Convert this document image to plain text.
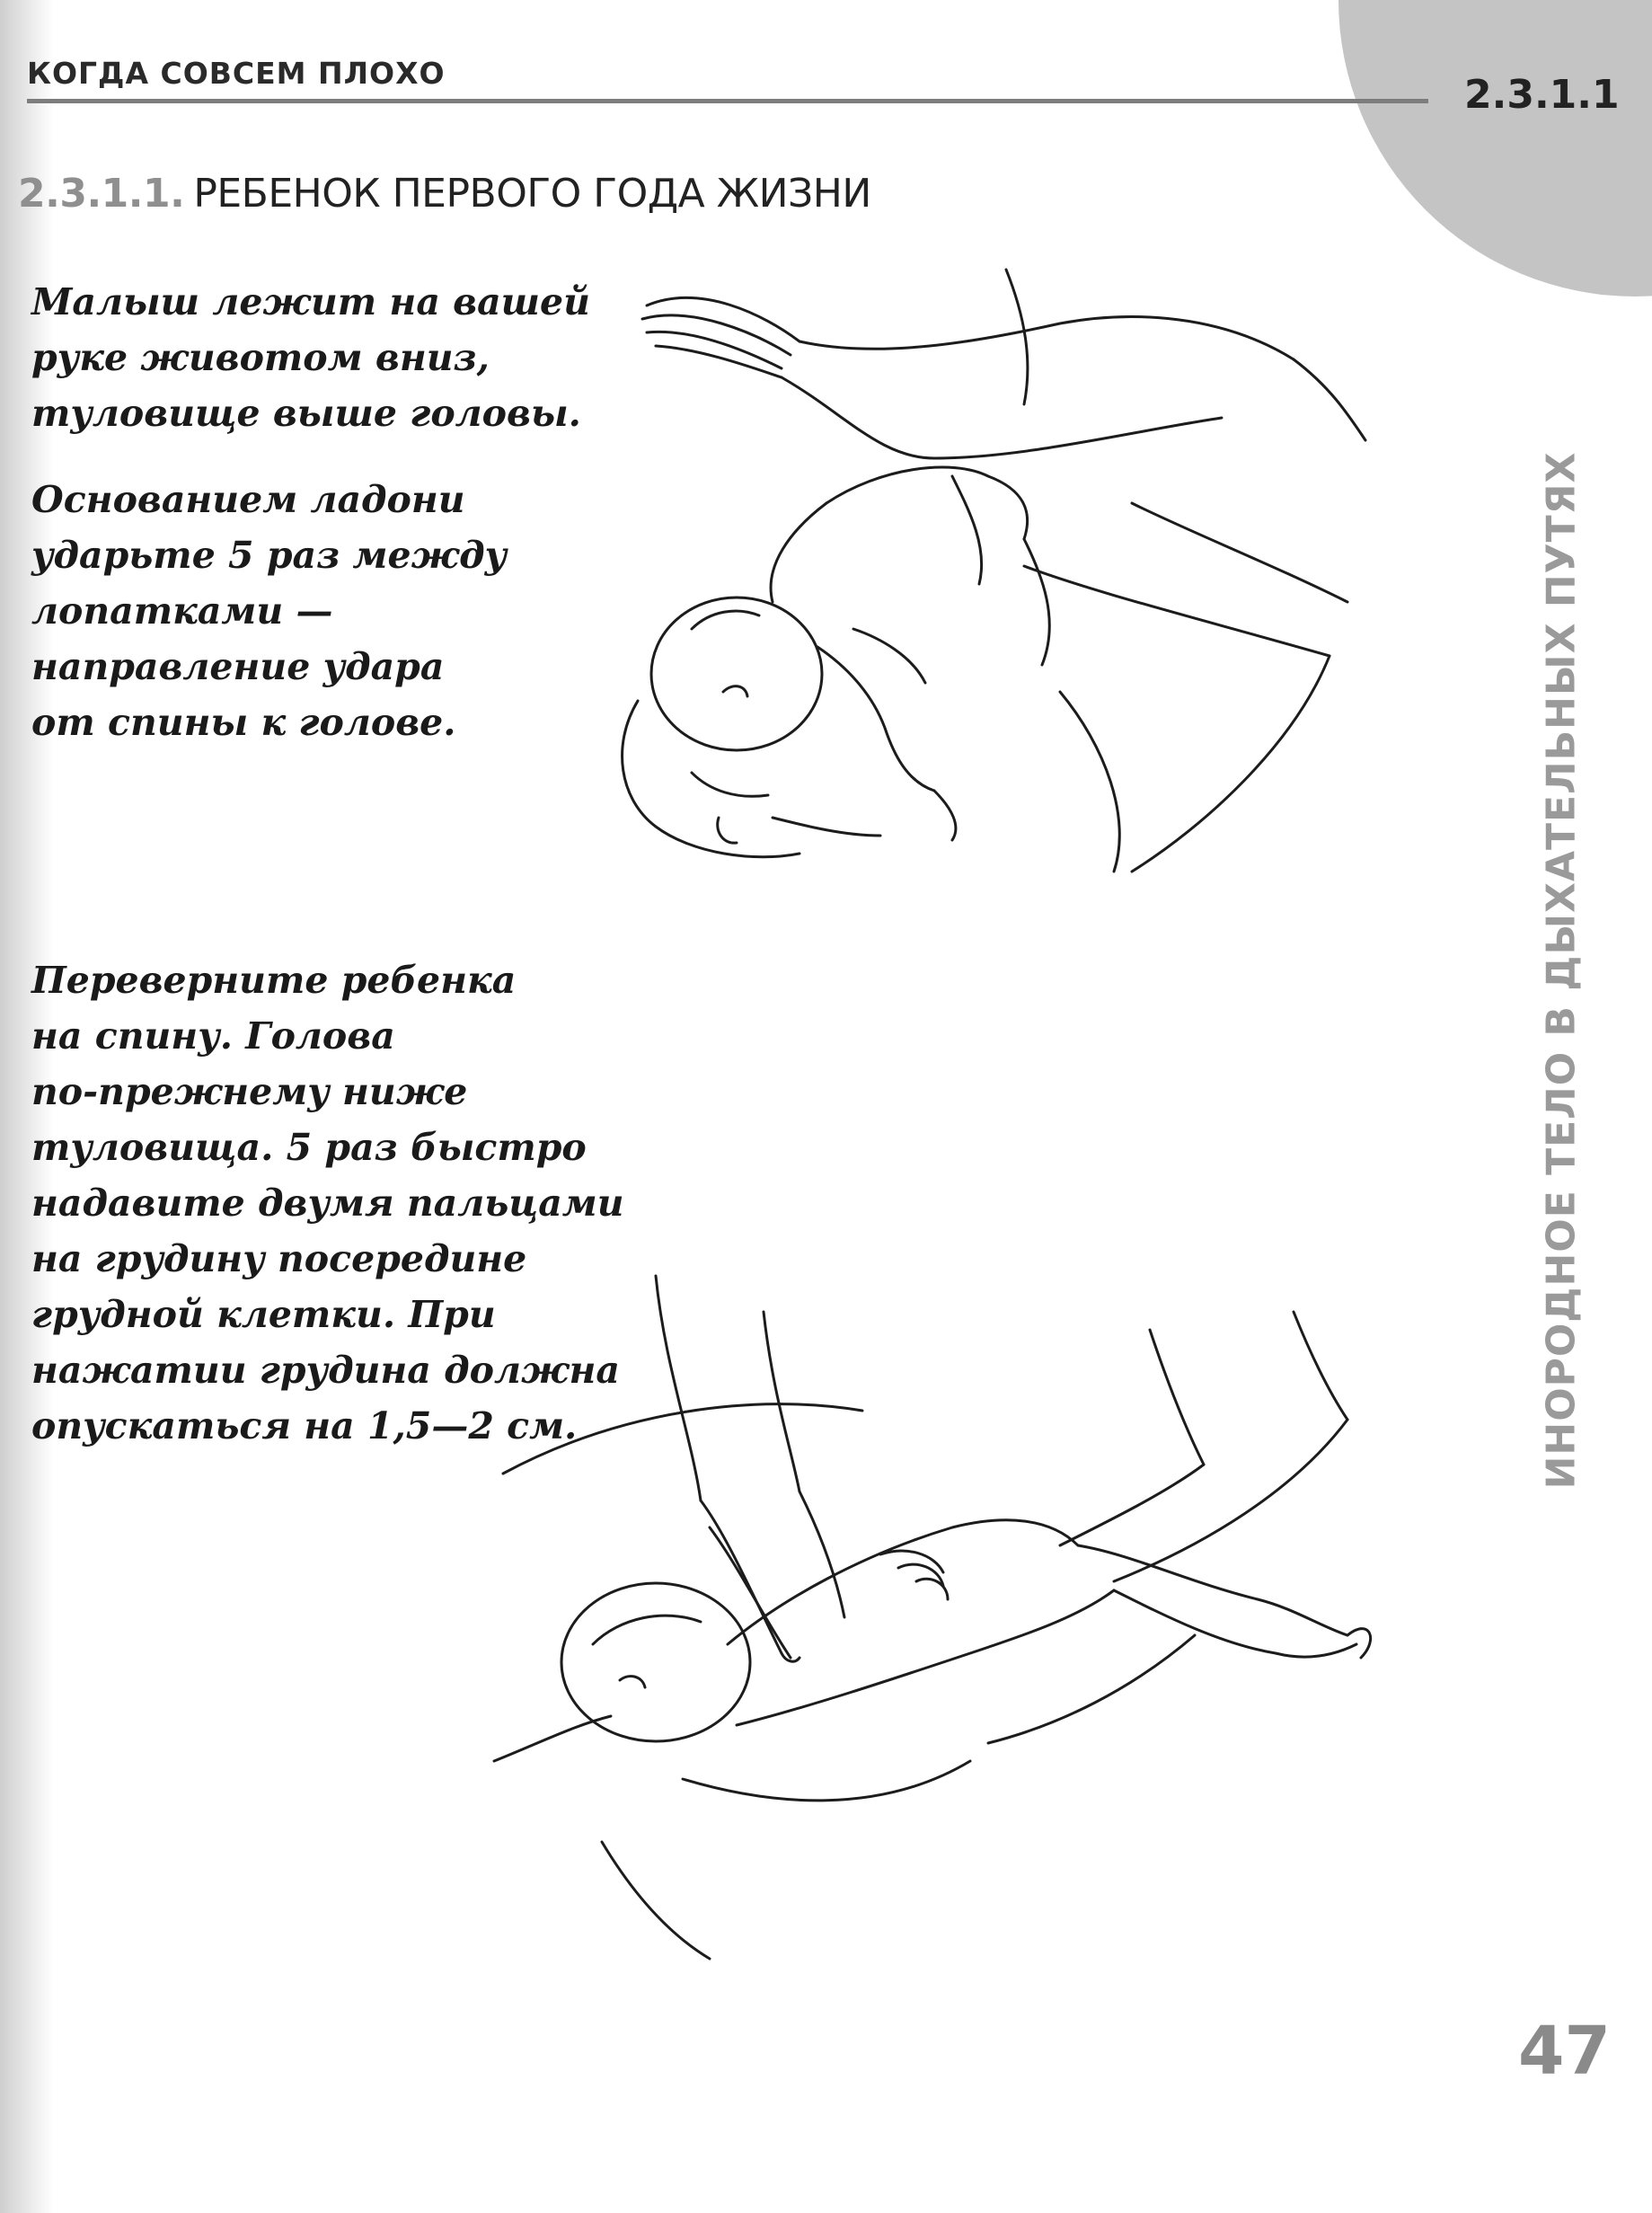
КОГДА СОВСЕМ ПЛОХО	2.3.1.1
2.3.1.1. РЕБЕНОК ПЕРВОГО ГОДА ЖИЗНИ
ИНОРОДНОЕ ТЕЛО В ДЫХАТЕЛЬНЫХ ПУТЯХ

Малыш лежит на вашей
руке животом вниз,
туловище выше головы.

Основанием ладони
ударьте 5 раз между
лопатками —
направление удара
от спины к голове.

Переверните ребенка
на спину. Голова
по-прежнему ниже
туловища. 5 раз быстро
надавите двумя пальцами
на грудину посередине
грудной клетки. При
нажатии грудина должна
опускаться на 1,5—2 см.

47
